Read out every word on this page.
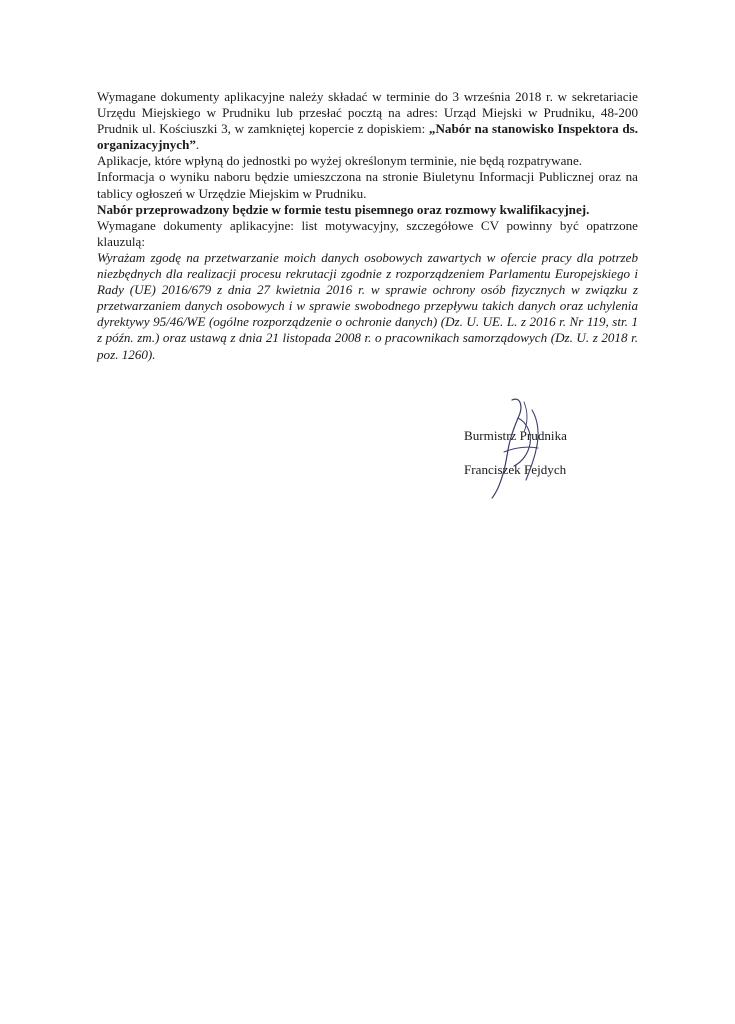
Wymagane dokumenty aplikacyjne należy składać w terminie do 3 września 2018 r. w sekretariacie Urzędu Miejskiego w Prudniku lub przesłać pocztą na adres: Urząd Miejski w Prudniku, 48-200 Prudnik ul. Kościuszki 3, w zamkniętej kopercie z dopiskiem: „Nabór na stanowisko Inspektora ds. organizacyjnych”.

Aplikacje, które wpłyną do jednostki po wyżej określonym terminie, nie będą rozpatrywane.

Informacja o wyniku naboru będzie umieszczona na stronie Biuletynu Informacji Publicznej oraz na tablicy ogłoszeń w Urzędzie Miejskim w Prudniku.

Nabór przeprowadzony będzie w formie testu pisemnego oraz rozmowy kwalifikacyjnej.

Wymagane dokumenty aplikacyjne: list motywacyjny, szczegółowe CV powinny być opatrzone klauzulą:

Wyrażam zgodę na przetwarzanie moich danych osobowych zawartych w ofercie pracy dla potrzeb niezbędnych dla realizacji procesu rekrutacji zgodnie z rozporządzeniem Parlamentu Europejskiego i Rady (UE) 2016/679 z dnia 27 kwietnia 2016 r. w sprawie ochrony osób fizycznych w związku z przetwarzaniem danych osobowych i w sprawie swobodnego przepływu takich danych oraz uchylenia dyrektywy 95/46/WE (ogólne rozporządzenie o ochronie danych) (Dz. U. UE. L. z 2016 r. Nr 119, str. 1 z późn. zm.) oraz ustawą z dnia 21 listopada 2008 r. o pracownikach samorządowych (Dz. U. z 2018 r. poz. 1260).

Burmistrz Prudnika

Franciszek Fejdych
